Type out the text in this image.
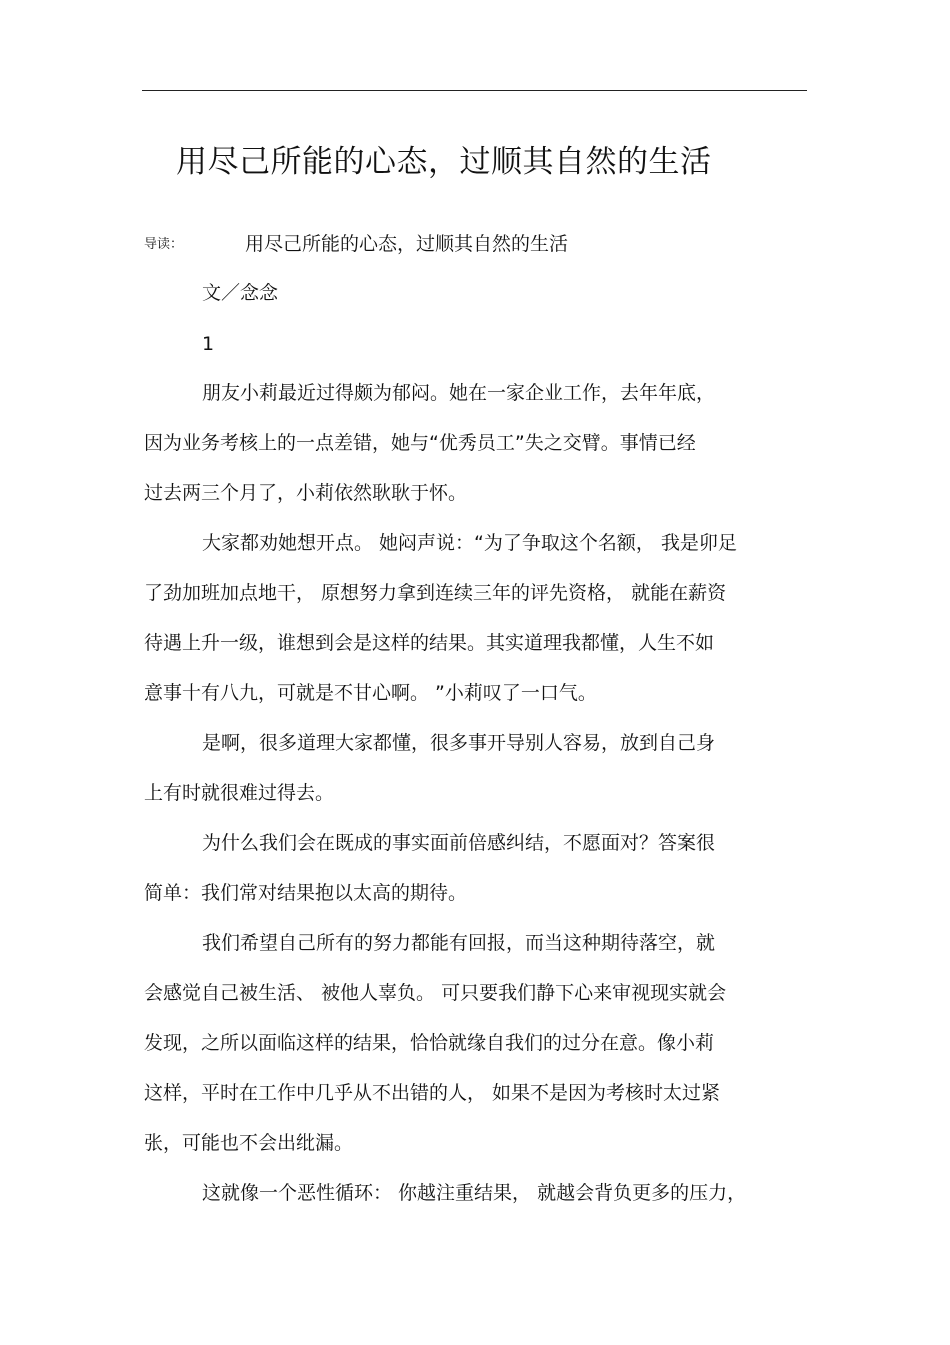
用尽己所能的心态，过顺其自然的生活
导读：	用尽己所能的心态，过顺其自然的生活
文／念念
1
朋友小莉最近过得颇为郁闷。她在一家企业工作，去年年底，
因为业务考核上的一点差错，她与“优秀员工”失之交臂。事情已经
过去两三个月了，小莉依然耿耿于怀。
大家都劝她想开点。 她闷声说：“为了争取这个名额， 我是卯足
了劲加班加点地干， 原想努力拿到连续三年的评先资格， 就能在薪资
待遇上升一级，谁想到会是这样的结果。其实道理我都懂，人生不如
意事十有八九，可就是不甘心啊。 ”小莉叹了一口气。
是啊，很多道理大家都懂，很多事开导别人容易，放到自己身
上有时就很难过得去。
为什么我们会在既成的事实面前倍感纠结，不愿面对？答案很
简单：我们常对结果抱以太高的期待。
我们希望自己所有的努力都能有回报，而当这种期待落空，就
会感觉自己被生活、 被他人辜负。 可只要我们静下心来审视现实就会
发现，之所以面临这样的结果，恰恰就缘自我们的过分在意。像小莉
这样，平时在工作中几乎从不出错的人， 如果不是因为考核时太过紧
张，可能也不会出纰漏。
这就像一个恶性循环： 你越注重结果， 就越会背负更多的压力，
